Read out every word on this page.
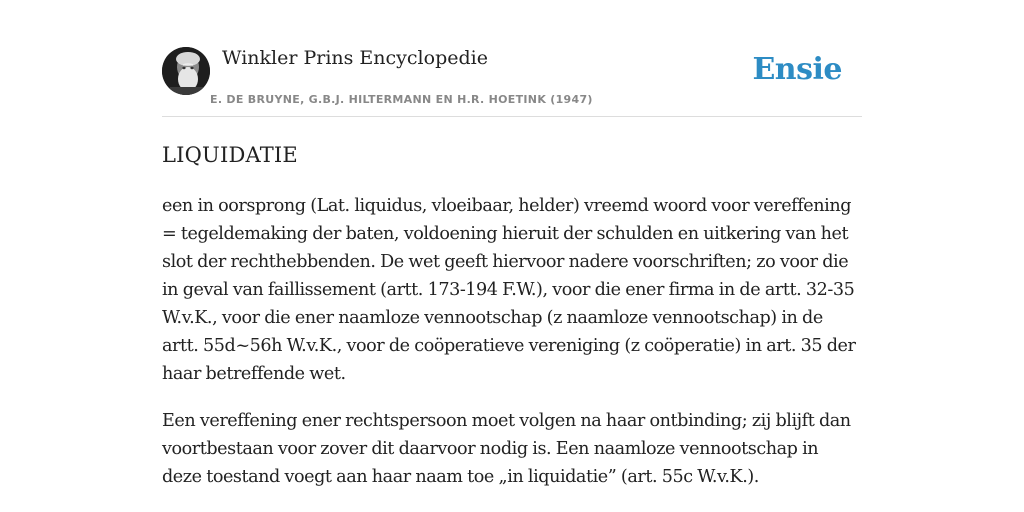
Winkler Prins Encyclopedie
E. DE BRUYNE, G.B.J. HILTERMANN EN H.R. HOETINK (1947)
Ensie
LIQUIDATIE

een in oorsprong (Lat. liquidus, vloeibaar, helder) vreemd woord voor vereffening = tegeldemaking der baten, voldoening hieruit der schulden en uitkering van het slot der rechthebbenden. De wet geeft hiervoor nadere voorschriften; zo voor die in geval van faillissement (artt. 173-194 F.W.), voor die ener firma in de artt. 32-35 W.v.K., voor die ener naamloze vennootschap (z naamloze vennootschap) in de artt. 55d~56h W.v.K., voor de coöperatieve vereniging (z coöperatie) in art. 35 der haar betreffende wet.

Een vereffening ener rechtspersoon moet volgen na haar ontbinding; zij blijft dan voortbestaan voor zover dit daarvoor nodig is. Een naamloze vennootschap in deze toestand voegt aan haar naam toe „in liquidatie” (art. 55c W.v.K.).
